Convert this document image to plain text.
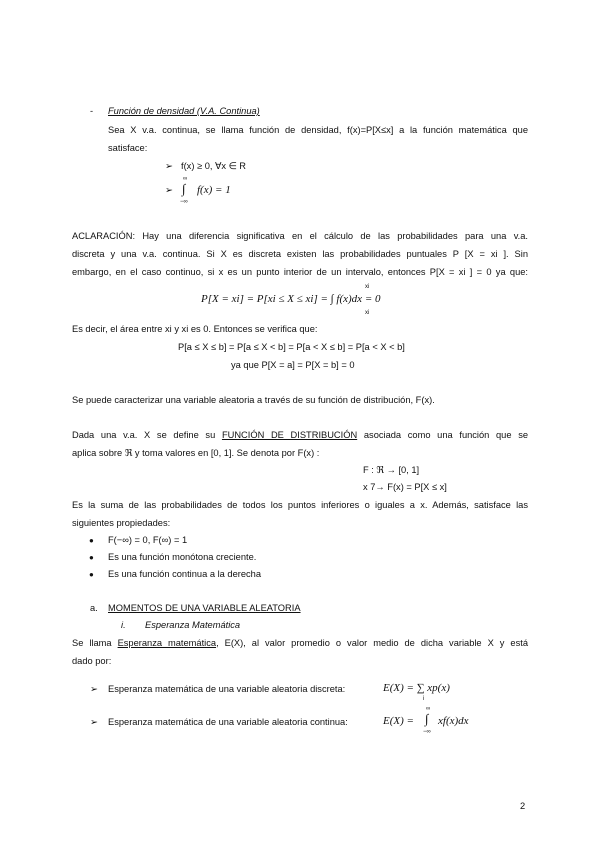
- Función de densidad (V.A. Continua)
Sea X v.a. continua, se llama función de densidad, f(x)=P[X≤x] a la función matemática que
satisface:
➢ f(x) ≥ 0, ∀x ∈ R
➢
∞
∫
−∞
f(x) = 1
ACLARACIÓN: Hay una diferencia significativa en el cálculo de las probabilidades para una v.a.
discreta y una v.a. continua. Si X es discreta existen las probabilidades puntuales P [X = xi ]. Sin
embargo, en el caso continuo, si x es un punto interior de un intervalo, entonces P[X = xi ] = 0 ya que:
xi
P[X = xi] = P[xi ≤ X ≤ xi] = ∫ f(x)dx = 0
xi
Es decir, el área entre xi y xi es 0. Entonces se verifica que:
P[a ≤ X ≤ b] = P[a ≤ X < b] = P[a < X ≤ b] = P[a < X < b]
ya que P[X = a] = P[X = b] = 0
Se puede caracterizar una variable aleatoria a través de su función de distribución, F(x).
Dada una v.a. X se define su FUNCIÓN DE DISTRIBUCIÓN asociada como una función que se
aplica sobre ℜ y toma valores en [0, 1]. Se denota por F(x) :
F : ℜ → [0, 1]
x 7→ F(x) = P[X ≤ x]
Es la suma de las probabilidades de todos los puntos inferiores o iguales a x. Además, satisface las
siguientes propiedades:
● F(−∞) = 0, F(∞) = 1
● Es una función monótona creciente.
● Es una función continua a la derecha
a. MOMENTOS DE UNA VARIABLE ALEATORIA
i. Esperanza Matemática
Se llama Esperanza matemática, E(X), al valor promedio o valor medio de dicha variable X y está
dado por:
➢ Esperanza matemática de una variable aleatoria discreta:	E(X) = ∑ xp(x)
i
➢ Esperanza matemática de una variable aleatoria continua:	E(X) =
∞
∫
−∞
xf(x)dx
2
